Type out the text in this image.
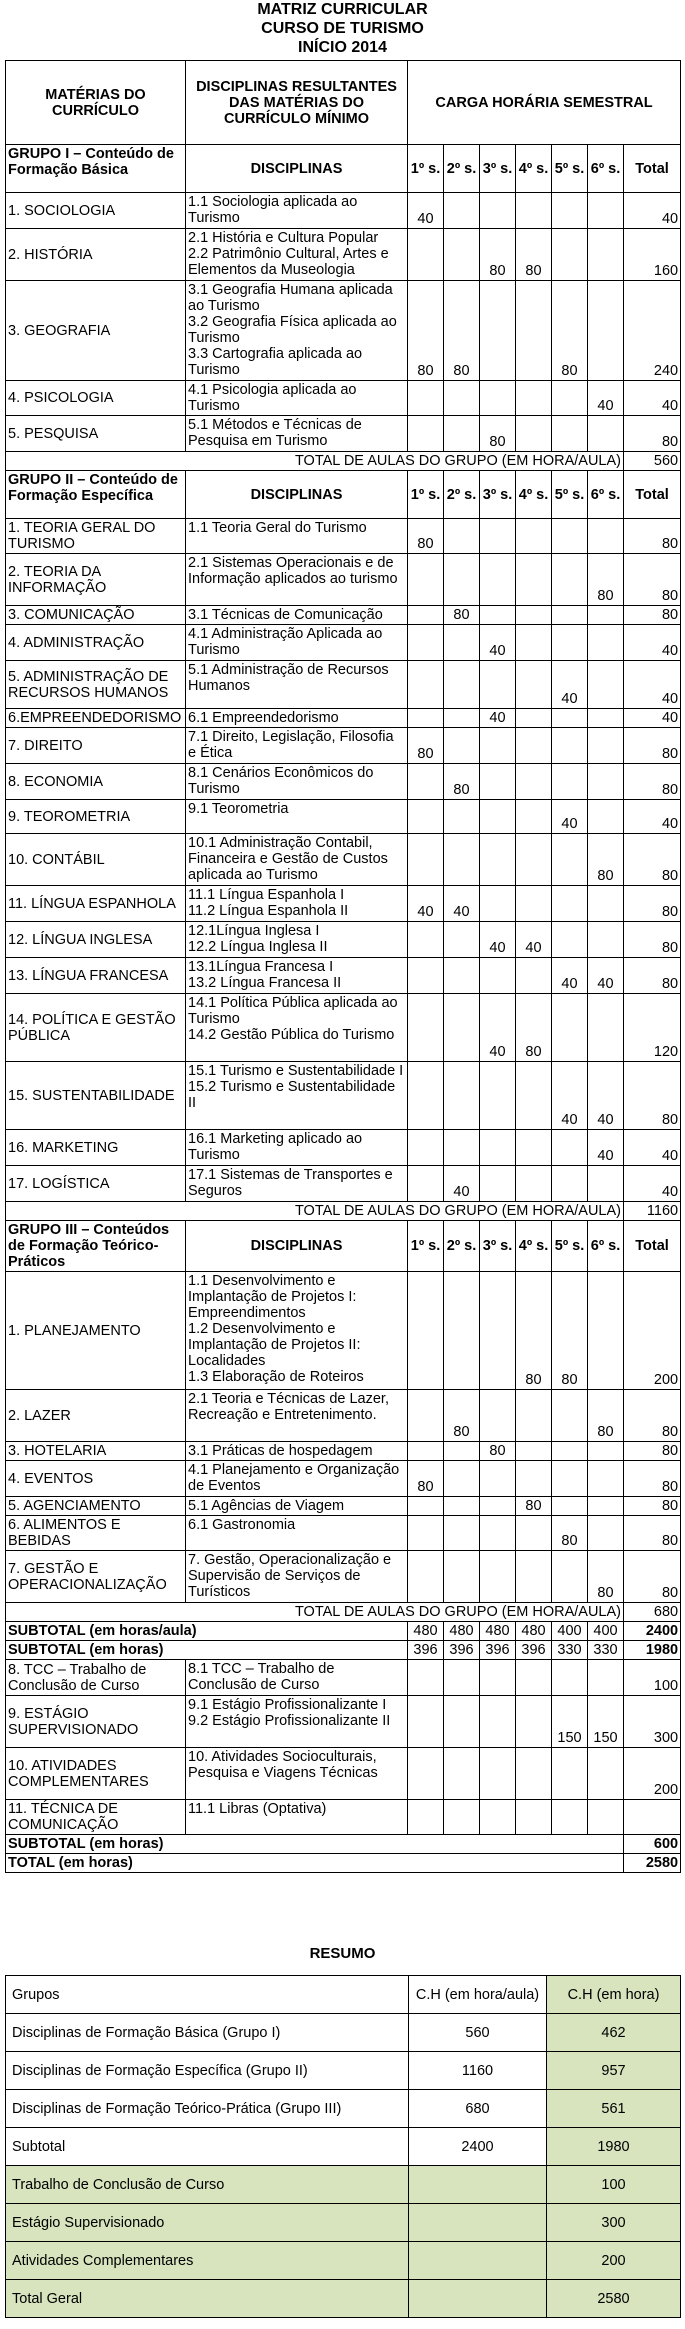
MATRIZ CURRICULAR
CURSO DE TURISMO
INÍCIO 2014
MATÉRIAS DO CURRÍCULO	DISCIPLINAS RESULTANTES DAS MATÉRIAS DO CURRÍCULO MÍNIMO	CARGA HORÁRIA SEMESTRAL						
GRUPO I – Conteúdo de Formação Básica	DISCIPLINAS	1º s.	2º s.	3º s.	4º s.	5º s.	6º s.	Total
1. SOCIOLOGIA	1.1 Sociologia aplicada ao Turismo	40						40
2. HISTÓRIA	2.1 História e Cultura Popular
2.2 Patrimônio Cultural, Artes e Elementos da Museologia			80	80			160
3. GEOGRAFIA	3.1 Geografia Humana aplicada ao Turismo
3.2 Geografia Física aplicada ao Turismo
3.3 Cartografia aplicada ao Turismo	80	80			80		240
4. PSICOLOGIA	4.1 Psicologia aplicada ao Turismo						40	40
5. PESQUISA	5.1 Métodos e Técnicas de Pesquisa em Turismo			80				80
TOTAL DE AULAS DO GRUPO (EM HORA/AULA)								560
GRUPO II – Conteúdo de Formação Específica	DISCIPLINAS	1º s.	2º s.	3º s.	4º s.	5º s.	6º s.	Total
1. TEORIA GERAL DO TURISMO	1.1 Teoria Geral do Turismo	80						80
2. TEORIA DA INFORMAÇÃO	2.1 Sistemas Operacionais e de Informação aplicados ao turismo						80	80
3. COMUNICAÇÃO	3.1 Técnicas de Comunicação		80					80
4. ADMINISTRAÇÃO	4.1 Administração Aplicada ao Turismo			40				40
5. ADMINISTRAÇÃO DE RECURSOS HUMANOS	5.1 Administração de Recursos Humanos					40		40
6.EMPREENDEDORISMO	6.1 Empreendedorismo			40				40
7. DIREITO	7.1 Direito, Legislação, Filosofia e Ética	80						80
8. ECONOMIA	8.1 Cenários Econômicos do Turismo		80					80
9. TEOROMETRIA	9.1 Teorometria					40		40
10. CONTÁBIL	10.1 Administração Contabil, Financeira e Gestão de Custos aplicada ao Turismo						80	80
11. LÍNGUA ESPANHOLA	11.1 Língua Espanhola I
11.2 Língua Espanhola II	40	40					80
12. LÍNGUA INGLESA	12.1Língua Inglesa I
12.2 Língua Inglesa II			40	40			80
13. LÍNGUA FRANCESA	13.1Língua Francesa I
13.2 Língua Francesa II					40	40	80
14. POLÍTICA E GESTÃO PÚBLICA	14.1 Política Pública aplicada ao Turismo
14.2 Gestão Pública do Turismo			40	80			120
15. SUSTENTABILIDADE	15.1 Turismo e Sustentabilidade I
15.2 Turismo e Sustentabilidade II					40	40	80
16. MARKETING	16.1 Marketing aplicado ao Turismo						40	40
17. LOGÍSTICA	17.1 Sistemas de Transportes e Seguros		40					40
TOTAL DE AULAS DO GRUPO (EM HORA/AULA)								1160
GRUPO III – Conteúdos de Formação Teórico-Práticos	DISCIPLINAS	1º s.	2º s.	3º s.	4º s.	5º s.	6º s.	Total
1. PLANEJAMENTO	1.1 Desenvolvimento e Implantação de Projetos I: Empreendimentos
1.2 Desenvolvimento e Implantação de Projetos II: Localidades
1.3 Elaboração de Roteiros				80	80		200
2. LAZER	2.1 Teoria e Técnicas de Lazer, Recreação e Entretenimento.		80				80	80
3. HOTELARIA	3.1 Práticas de hospedagem			80				80
4. EVENTOS	4.1 Planejamento e Organização de Eventos	80						80
5. AGENCIAMENTO	5.1 Agências de Viagem				80			80
6. ALIMENTOS E BEBIDAS	6.1 Gastronomia					80		80
7. GESTÃO E OPERACIONALIZAÇÃO	7. Gestão, Operacionalização e Supervisão de Serviços de Turísticos						80	80
TOTAL DE AULAS DO GRUPO (EM HORA/AULA)								680
SUBTOTAL (em horas/aula)		480	480	480	480	400	400	2400
SUBTOTAL (em horas)		396	396	396	396	330	330	1980
8. TCC – Trabalho de Conclusão de Curso	8.1 TCC – Trabalho de Conclusão de Curso							100
9. ESTÁGIO SUPERVISIONADO	9.1 Estágio Profissionalizante I
9.2 Estágio Profissionalizante II					150	150	300
10. ATIVIDADES COMPLEMENTARES	10. Atividades Socioculturais, Pesquisa e Viagens Técnicas							200
11. TÉCNICA DE COMUNICAÇÃO	11.1 Libras (Optativa)							
SUBTOTAL (em horas)								600
TOTAL (em horas)								2580
RESUMO
Grupos	C.H (em hora/aula)	C.H (em hora)
Disciplinas de Formação Básica (Grupo I)	560	462
Disciplinas de Formação Específica (Grupo II)	1160	957
Disciplinas de Formação Teórico-Prática (Grupo III)	680	561
Subtotal	2400	1980
Trabalho de Conclusão de Curso		100
Estágio Supervisionado		300
Atividades Complementares		200
Total Geral		2580
